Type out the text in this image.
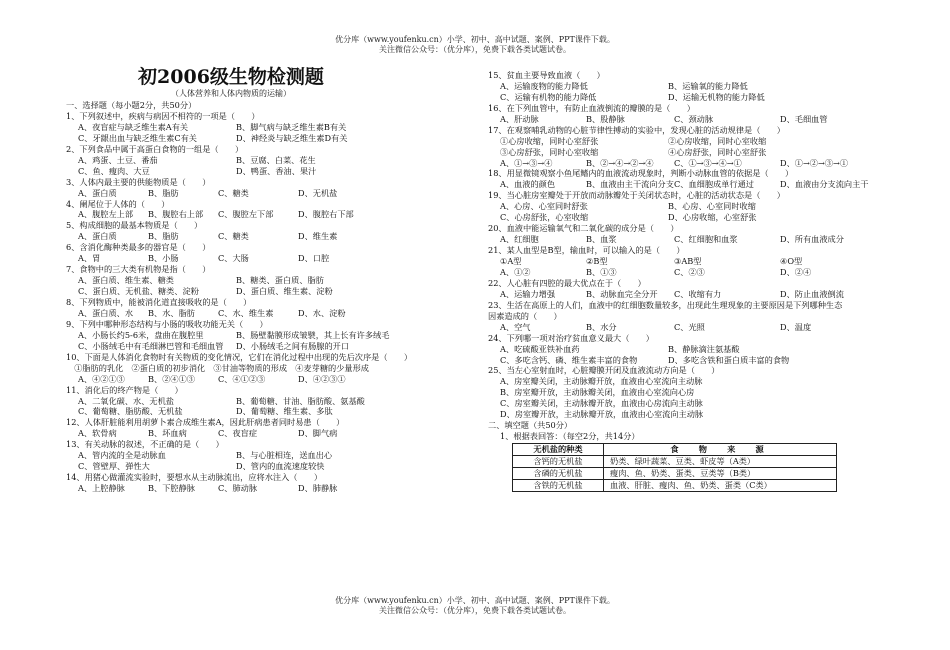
优分库（www.youfenku.cn）小学、初中、高中试题、案例、PPT课件下载。
关注微信公众号：（优分库），免费下载各类试题试卷。
初2006级生物检测题
（人体营养和人体内物质的运输）
一、选择题（每小题2分，共50分）
1、下列叙述中，疾病与病因不相符的一项是（　　）
A、夜盲症与缺乏维生素A有关	B、脚气病与缺乏维生素B有关
C、牙龈出血与缺乏维生素C有关	D、神经炎与缺乏维生素D有关
2、下列食品中属于高蛋白食物的一组是（　　）
A、鸡蛋、土豆、番茄	B、豆腐、白菜、花生
C、鱼、瘦肉、大豆	D、鸭蛋、香油、果汁
3、人体内最主要的供能物质是（　　）
A、蛋白质	B、脂肪	C、糖类	D、无机盐
4、阑尾位于人体的（　　）
A、腹腔左上部 B、腹腔右上部 C、腹腔左下部	D、腹腔右下部
5、构成细胞的最基本物质是（　　）
A、蛋白质	B、脂肪	C、糖类	D、维生素
6、含消化酶种类最多的器官是（　　）
A、胃	B、小肠	C、大肠	D、口腔
7、食物中的三大类有机物是指（　　）
A、蛋白质、维生素、糖类	B、糖类、蛋白质、脂肪
C、蛋白质、无机盐、糖类、淀粉	D、蛋白质、维生素、淀粉
8、下列物质中，能被消化道直接吸收的是（　　）
A、蛋白质、水 B、水、脂肪	C、水、维生素	D、水、淀粉
9、下列中哪种形态结构与小肠的吸收功能无关（　　）
A、小肠长约5-6米，盘曲在腹腔里	B、肠壁黏膜形成皱襞，其上长有许多绒毛
C、小肠绒毛中有毛细淋巴管和毛细血管 D、小肠绒毛之间有肠腺的开口
10、下面是人体消化食物时有关物质的变化情况，它们在消化过程中出现的先后次序是（　　）
　①脂肪的乳化　②蛋白质的初步消化　③甘油等物质的形成　④麦芽糖的少量形成
A、④②①③	B、②④①③	C、④①②③	D、④②③①
11、消化后的终产物是（　　）
A、二氧化碳、水、无机盐	B、葡萄糖、甘油、脂肪酸、氨基酸
C、葡萄糖、脂肪酸、无机盐	D、葡萄糖、维生素、多肽
12、人体肝脏能利用胡萝卜素合成维生素A，因此肝病患者同时易患（　　）
A、软骨病	B、坏血病	C、夜盲症	D、脚气病
13、有关动脉的叙述，不正确的是（　　）
A、管内流的全是动脉血	B、与心脏相连，送血出心
C、管壁厚、弹性大	D、管内的血流速度较快
14、用猪心做灌流实验时，要想水从主动脉流出，应将水注入（　　）
A、上腔静脉	B、下腔静脉	C、肺动脉	D、肺静脉
15、贫血主要导致血液（　　）
A、运输废物的能力降低	B、运输氧的能力降低
C、运输有机物的能力降低	D、运输无机物的能力降低
16、在下列血管中，有防止血液倒流的瓣膜的是（　　）
A、肝动脉	B、股静脉	C、颈动脉	D、毛细血管
17、在观察哺乳动物的心脏节律性搏动的实验中，发现心脏的活动规律是（　　）
①心房收缩，同时心室舒张	②心房收缩，同时心室收缩
③心房舒张，同时心室收缩	④心房舒张，同时心室舒张
A、①→③→④	B、②→④→②→④ C、①→③→④→①	D、①→②→③→①
18、用显微镜观察小鱼尾鳍内的血液流动现象时，判断小动脉血管的依据是（　　）
A、血液的颜色	B、血液由主干流向分支 C、血细胞成单行通过	D、血液由分支流向主干
19、当心脏房室瓣处于开放而动脉瓣处于关闭状态时，心脏的活动状态是（　　）
A、心房、心室同时舒张	B、心房、心室同时收缩
C、心房舒张，心室收缩	D、心房收缩，心室舒张
20、血液中能运输氧气和二氧化碳的成分是（　　）
A、红细胞	B、血浆	C、红细胞和血浆	D、所有血液成分
21、某人血型是B型，输血时，可以输入的是（　　）
①A型	②B型	③AB型	④O型
A、①②	B、①③	C、②③	D、②④
22、人心脏有四腔的最大优点在于（　　）
A、运输力增强	B、动脉血完全分开 C、收缩有力	D、防止血液倒流
23、生活在高原上的人们，血液中的红细胞数量较多，出现此生理现象的主要原因是下列哪种生态
因素造成的（　　）
A、空气	B、水分	C、光照	D、温度
24、下列哪一项对治疗贫血意义最大（　　）
A、吃硫酸亚铁补血药	B、静脉滴注氨基酸
C、多吃含钙、磷、维生素丰富的食物	D、多吃含铁和蛋白质丰富的食物
25、当左心室射血时，心脏瓣膜开闭及血液流动方向是（　　）
A、房室瓣关闭，主动脉瓣开放，血液由心室流向主动脉
B、房室瓣开放，主动脉瓣关闭，血液由心室流向心房
C、房室瓣关闭，主动脉瓣开放，血液由心房流向主动脉
D、房室瓣开放，主动脉瓣开放，血液由心室流向主动脉
二、填空题（共50分）
1、根据表回答：（每空2分，共14分）
无机盐的种类	食　物　来　源
含钙的无机盐	奶类、绿叶蔬菜、豆类、虾皮等（A类）
含磷的无机盐	瘦肉、鱼、奶类、蛋类、豆类等（B类）
含铁的无机盐	血液、肝脏、瘦肉、鱼、奶类、蛋类（C类）
优分库（www.youfenku.cn）小学、初中、高中试题、案例、PPT课件下载。
关注微信公众号：（优分库），免费下载各类试题试卷。
